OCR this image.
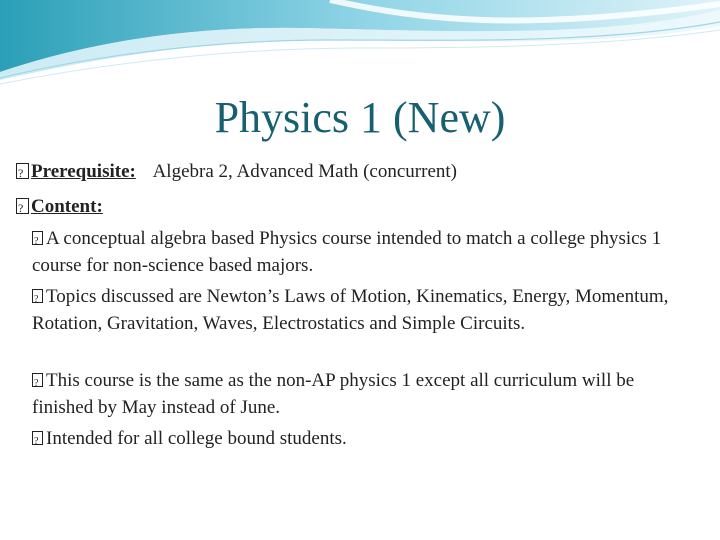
Physics 1 (New)
?Prerequisite: Algebra 2, Advanced Math (concurrent)
?Content:
?A conceptual algebra based Physics course intended to match a college physics 1 course for non-science based majors.
?Topics discussed are Newton’s Laws of Motion, Kinematics, Energy, Momentum, Rotation, Gravitation, Waves, Electrostatics and Simple Circuits.
?This course is the same as the non-AP physics 1 except all curriculum will be finished by May instead of June.
?Intended for all college bound students.
